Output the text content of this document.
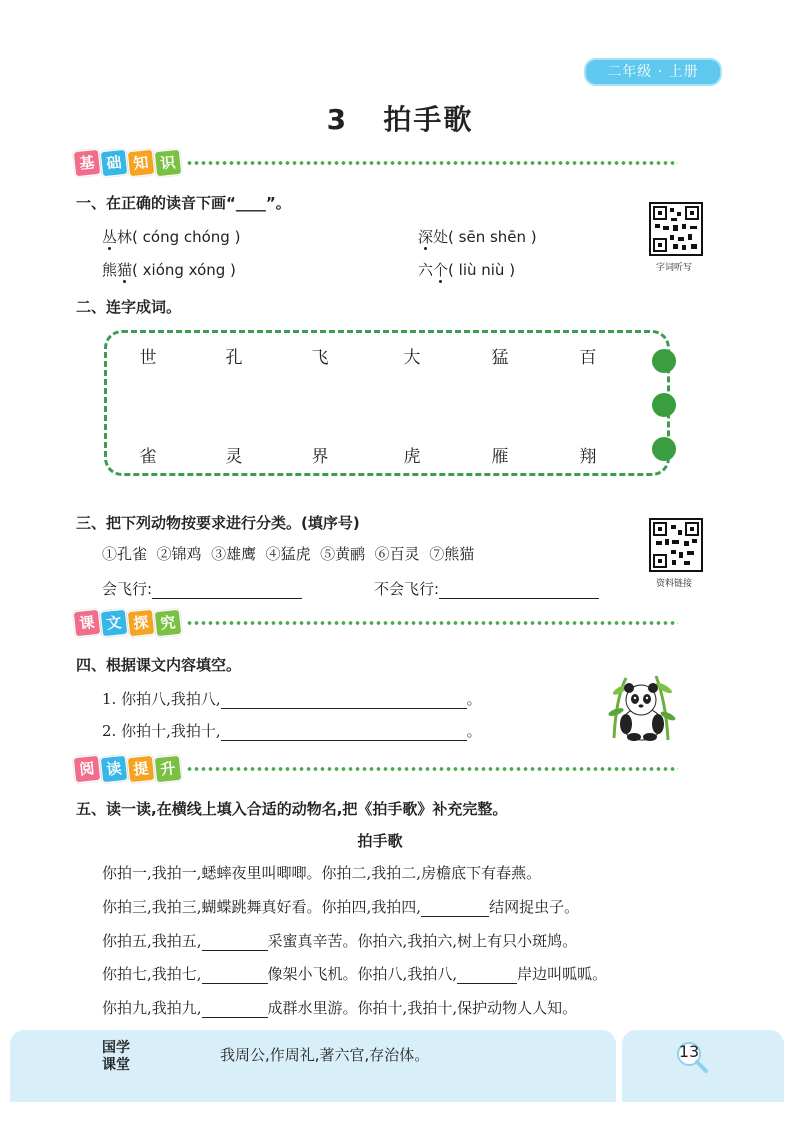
二年级 · 上册
3 拍手歌
基 础 知 识
一、在正确的读音下画“____”。
丛林( cóng chóng )	深处( sēn shēn )
熊猫( xióng xóng )	六个( liù niù )	字词听写
二、连字成词。
世	孔	飞	大	猛	百
雀	灵	界	虎	雁	翔
三、把下列动物按要求进行分类。(填序号)
①孔雀  ②锦鸡  ③雄鹰  ④猛虎  ⑤黄鹂  ⑥百灵  ⑦熊猫
会飞行:	不会飞行:	资料链接
课 文 探 究
四、根据课文内容填空。
1. 你拍八,我拍八,	。
2. 你拍十,我拍十,	。
阅 读 提 升
五、读一读,在横线上填入合适的动物名,把《拍手歌》补充完整。
拍手歌
你拍一,我拍一,蟋蟀夜里叫唧唧。你拍二,我拍二,房檐底下有春燕。
你拍三,我拍三,蝴蝶跳舞真好看。你拍四,我拍四,	结网捉虫子。
你拍五,我拍五,	采蜜真辛苦。你拍六,我拍六,树上有只小斑鸠。
你拍七,我拍七,	像架小飞机。你拍八,我拍八,	岸边叫呱呱。
你拍九,我拍九,	成群水里游。你拍十,我拍十,保护动物人人知。
国学
课堂
我周公,作周礼,著六官,存治体。	13
